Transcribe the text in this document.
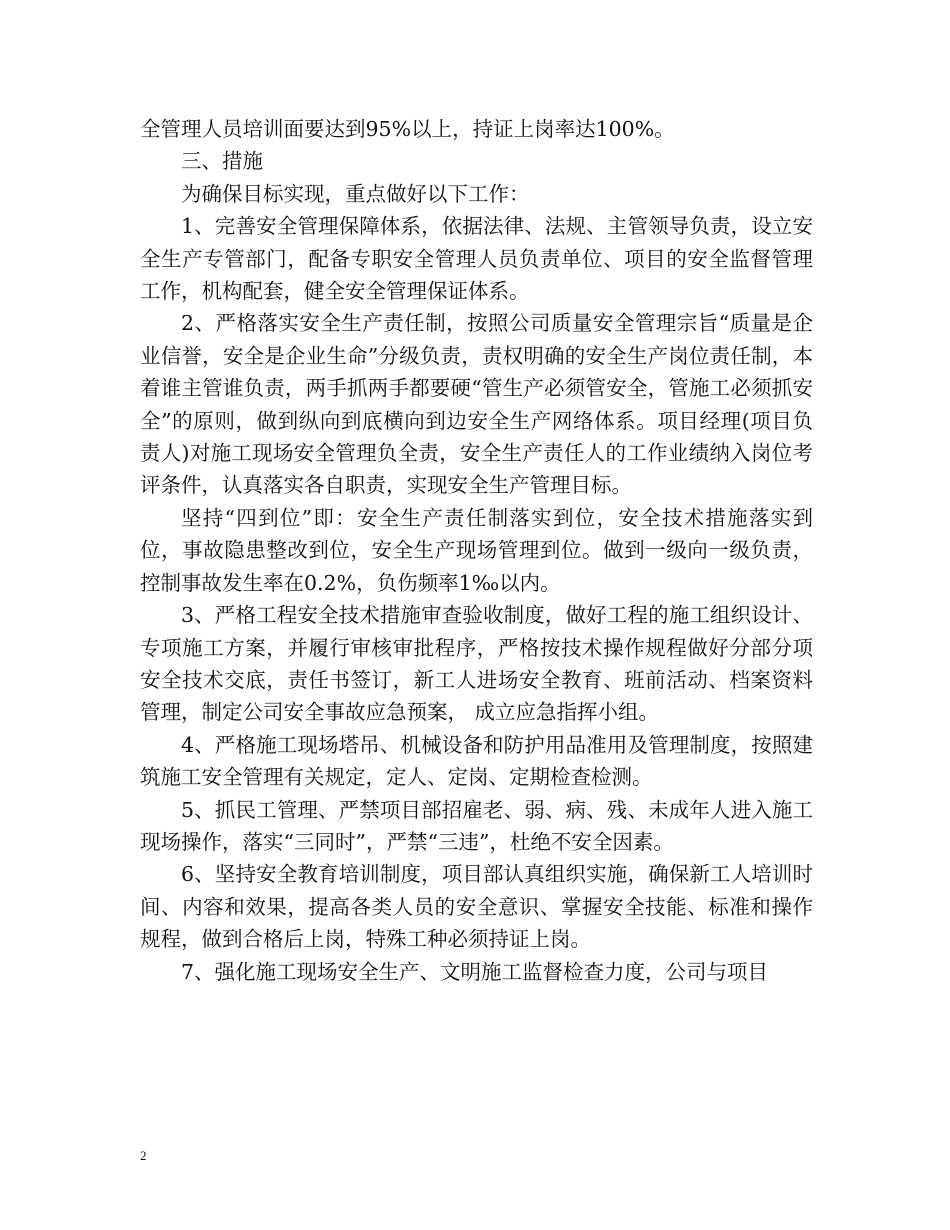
全管理人员培训面要达到95%以上，持证上岗率达100%。

三、措施

为确保目标实现，重点做好以下工作：

1、完善安全管理保障体系，依据法律、法规、主管领导负责，设立安全生产专管部门，配备专职安全管理人员负责单位、项目的安全监督管理工作，机构配套，健全安全管理保证体系。

2、严格落实安全生产责任制，按照公司质量安全管理宗旨“质量是企业信誉，安全是企业生命”分级负责，责权明确的安全生产岗位责任制，本着谁主管谁负责，两手抓两手都要硬“管生产必须管安全，管施工必须抓安全”的原则，做到纵向到底横向到边安全生产网络体系。项目经理(项目负责人)对施工现场安全管理负全责，安全生产责任人的工作业绩纳入岗位考评条件，认真落实各自职责，实现安全生产管理目标。

坚持“四到位”即：安全生产责任制落实到位，安全技术措施落实到位，事故隐患整改到位，安全生产现场管理到位。做到一级向一级负责，控制事故发生率在0.2%，负伤频率1‰以内。

3、严格工程安全技术措施审查验收制度，做好工程的施工组织设计、专项施工方案，并履行审核审批程序，严格按技术操作规程做好分部分项安全技术交底，责任书签订，新工人进场安全教育、班前活动、档案资料管理，制定公司安全事故应急预案， 成立应急指挥小组。

4、严格施工现场塔吊、机械设备和防护用品准用及管理制度，按照建筑施工安全管理有关规定，定人、定岗、定期检查检测。

5、抓民工管理、严禁项目部招雇老、弱、病、残、未成年人进入施工现场操作，落实“三同时”，严禁“三违”，杜绝不安全因素。

6、坚持安全教育培训制度，项目部认真组织实施，确保新工人培训时间、内容和效果，提高各类人员的安全意识、掌握安全技能、标准和操作规程，做到合格后上岗，特殊工种必须持证上岗。

7、强化施工现场安全生产、文明施工监督检查力度，公司与项目

2
